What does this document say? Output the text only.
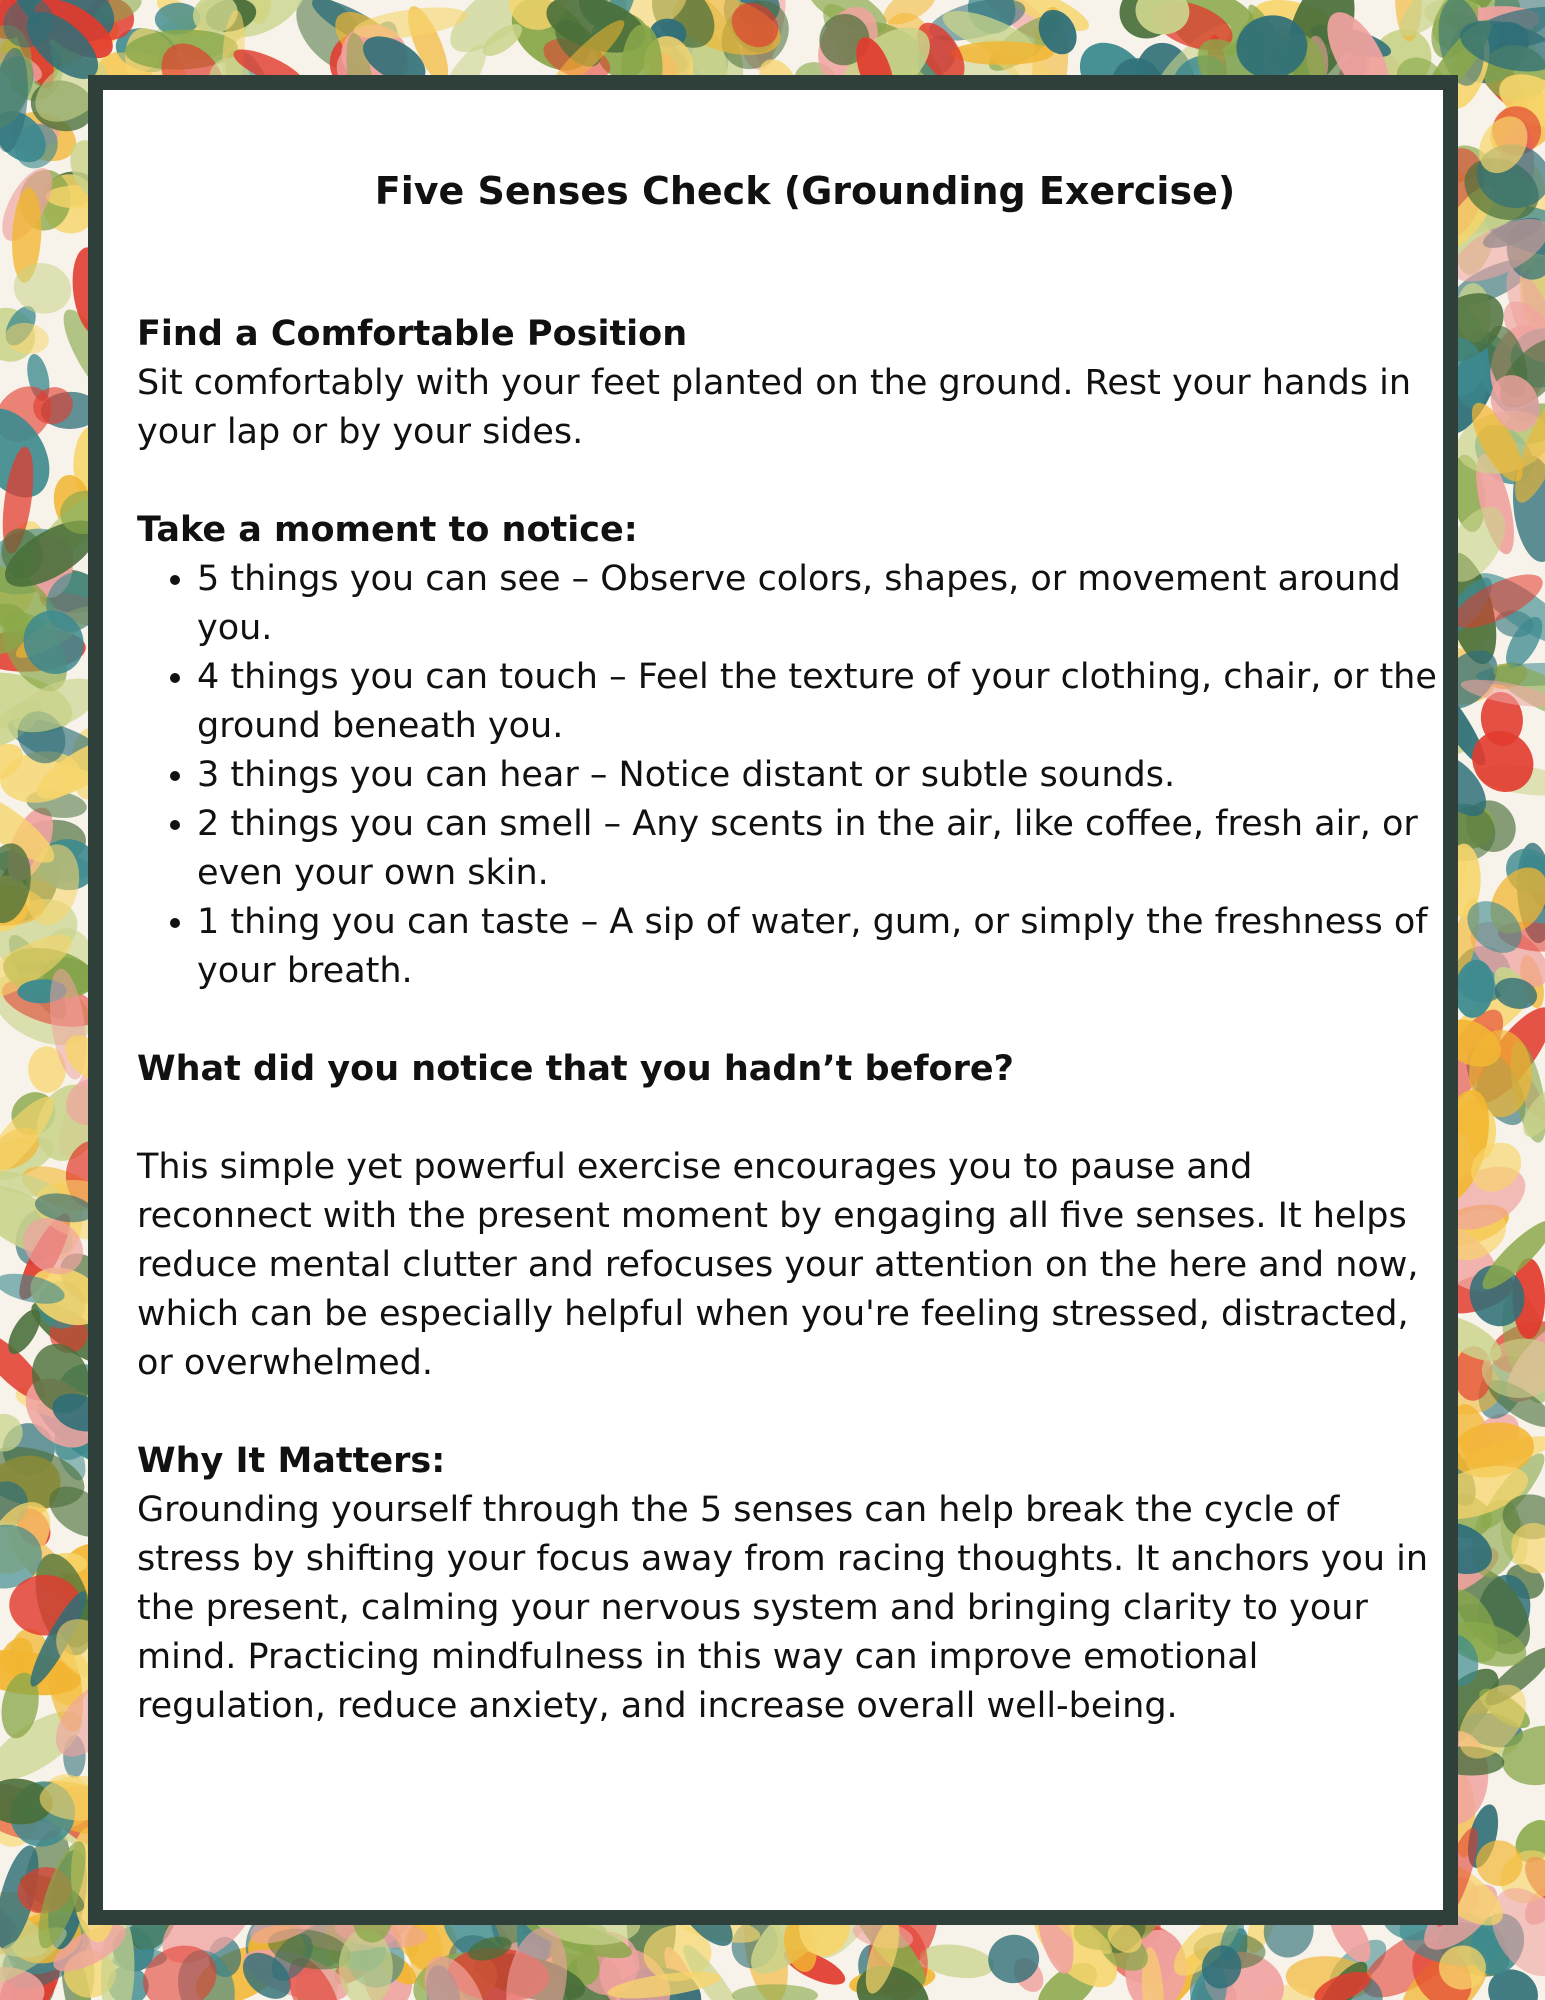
Five Senses Check (Grounding Exercise)

Find a Comfortable Position
Sit comfortably with your feet planted on the ground. Rest your hands in your lap or by your sides.

Take a moment to notice:

• 5 things you can see – Observe colors, shapes, or movement around you.
• 4 things you can touch – Feel the texture of your clothing, chair, or the ground beneath you.
• 3 things you can hear – Notice distant or subtle sounds.
• 2 things you can smell – Any scents in the air, like coffee, fresh air, or even your own skin.
• 1 thing you can taste – A sip of water, gum, or simply the freshness of your breath.

What did you notice that you hadn’t before?

This simple yet powerful exercise encourages you to pause and reconnect with the present moment by engaging all five senses. It helps reduce mental clutter and refocuses your attention on the here and now, which can be especially helpful when you're feeling stressed, distracted, or overwhelmed.

Why It Matters:
Grounding yourself through the 5 senses can help break the cycle of stress by shifting your focus away from racing thoughts. It anchors you in the present, calming your nervous system and bringing clarity to your mind. Practicing mindfulness in this way can improve emotional regulation, reduce anxiety, and increase overall well-being.
